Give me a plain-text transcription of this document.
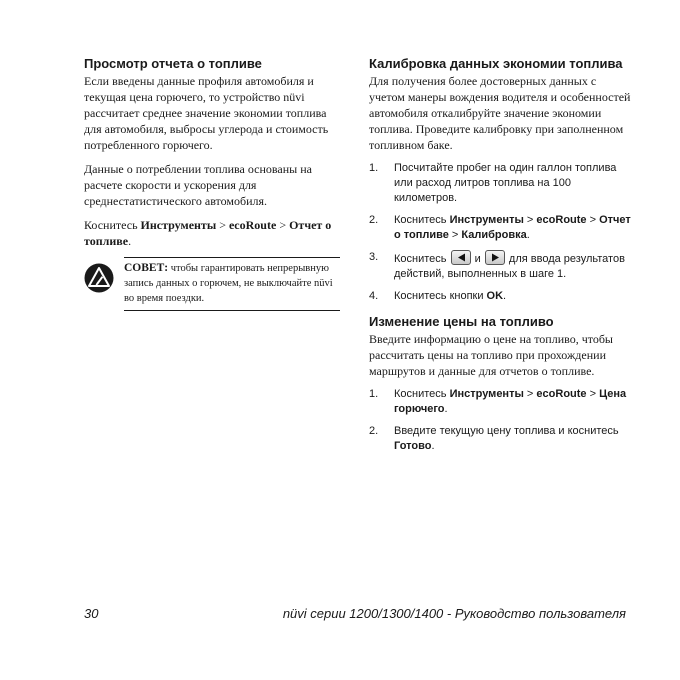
Просмотр отчета о топливе

Если введены данные профиля автомобиля и текущая цена горючего, то устройство nüvi рассчитает среднее значение экономии топлива для автомобиля, выбросы углерода и стоимость потребленного горючего.

Данные о потреблении топлива основаны на расчете скорости и ускорения для среднестатистического автомобиля.

Коснитесь Инструменты > ecoRoute > Отчет о топливе.

СОВЕТ: чтобы гарантировать непрерывную запись данных о горючем, не выключайте nüvi во время поездки.
Калибровка данных экономии топлива

Для получения более достоверных данных с учетом манеры вождения водителя и особенностей автомобиля откалибруйте значение экономии топлива. Проведите калибровку при заполненном топливном баке.

1. Посчитайте пробег на один галлон топлива или расход литров топлива на 100 километров.
2. Коснитесь Инструменты > ecoRoute > Отчет о топливе > Калибровка.
3. Коснитесь
и
для ввода результатов действий, выполненных в шаге 1.
4. Коснитесь кнопки OK.
Изменение цены на топливо

Введите информацию о цене на топливо, чтобы рассчитать цены на топливо при прохождении маршрутов и данные для отчетов о топливе.

1. Коснитесь Инструменты > ecoRoute > Цена горючего.
2. Введите текущую цену топлива и коснитесь Готово.
30	nüvi серии 1200/1300/1400 - Руководство пользователя
